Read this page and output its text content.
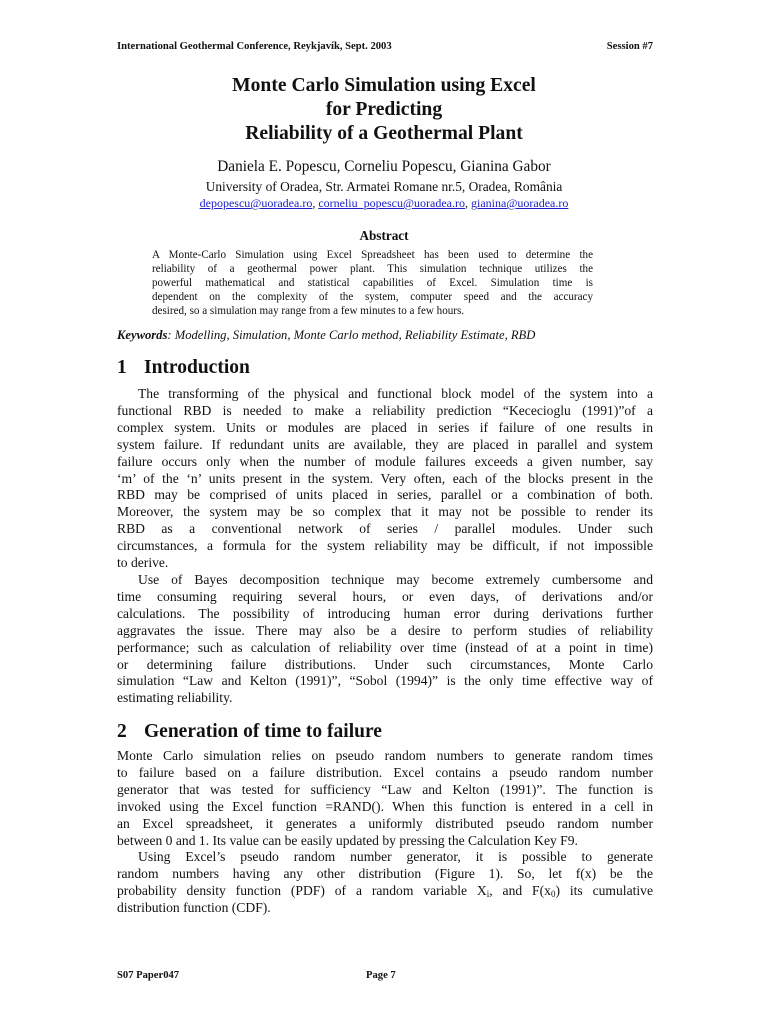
International Geothermal Conference, Reykjavík, Sept. 2003	Session #7
Monte Carlo Simulation using Excel
for Predicting
Reliability of a Geothermal Plant
Daniela E. Popescu, Corneliu Popescu, Gianina Gabor
University of Oradea, Str. Armatei Romane nr.5, Oradea, România
depopescu@uoradea.ro, corneliu_popescu@uoradea.ro, gianina@uoradea.ro
Abstract
A Monte-Carlo Simulation using Excel Spreadsheet has been used to determine the
reliability of a geothermal power plant. This simulation technique utilizes the
powerful mathematical and statistical capabilities of Excel. Simulation time is
dependent on the complexity of the system, computer speed and the accuracy
desired, so a simulation may range from a few minutes to a few hours.
Keywords: Modelling, Simulation, Monte Carlo method, Reliability Estimate, RBD
1 Introduction
The transforming of the physical and functional block model of the system into a
functional RBD is needed to make a reliability prediction “Kececioglu (1991)”of a
complex system. Units or modules are placed in series if failure of one results in
system failure. If redundant units are available, they are placed in parallel and system
failure occurs only when the number of module failures exceeds a given number, say
‘m’ of the ‘n’ units present in the system. Very often, each of the blocks present in the
RBD may be comprised of units placed in series, parallel or a combination of both.
Moreover, the system may be so complex that it may not be possible to render its
RBD as a conventional network of series / parallel modules. Under such
circumstances, a formula for the system reliability may be difficult, if not impossible
to derive.
Use of Bayes decomposition technique may become extremely cumbersome and
time consuming requiring several hours, or even days, of derivations and/or
calculations. The possibility of introducing human error during derivations further
aggravates the issue. There may also be a desire to perform studies of reliability
performance; such as calculation of reliability over time (instead of at a point in time)
or determining failure distributions. Under such circumstances, Monte Carlo
simulation “Law and Kelton (1991)”, “Sobol (1994)” is the only time effective way of
estimating reliability.
2 Generation of time to failure
Monte Carlo simulation relies on pseudo random numbers to generate random times
to failure based on a failure distribution. Excel contains a pseudo random number
generator that was tested for sufficiency “Law and Kelton (1991)”. The function is
invoked using the Excel function =RAND(). When this function is entered in a cell in
an Excel spreadsheet, it generates a uniformly distributed pseudo random number
between 0 and 1. Its value can be easily updated by pressing the Calculation Key F9.
Using Excel’s pseudo random number generator, it is possible to generate
random numbers having any other distribution (Figure 1). So, let f(x) be the
probability density function (PDF) of a random variable $X_i$, and $F(x_0)$ its cumulative
distribution function (CDF).
S07 Paper047	Page 7
